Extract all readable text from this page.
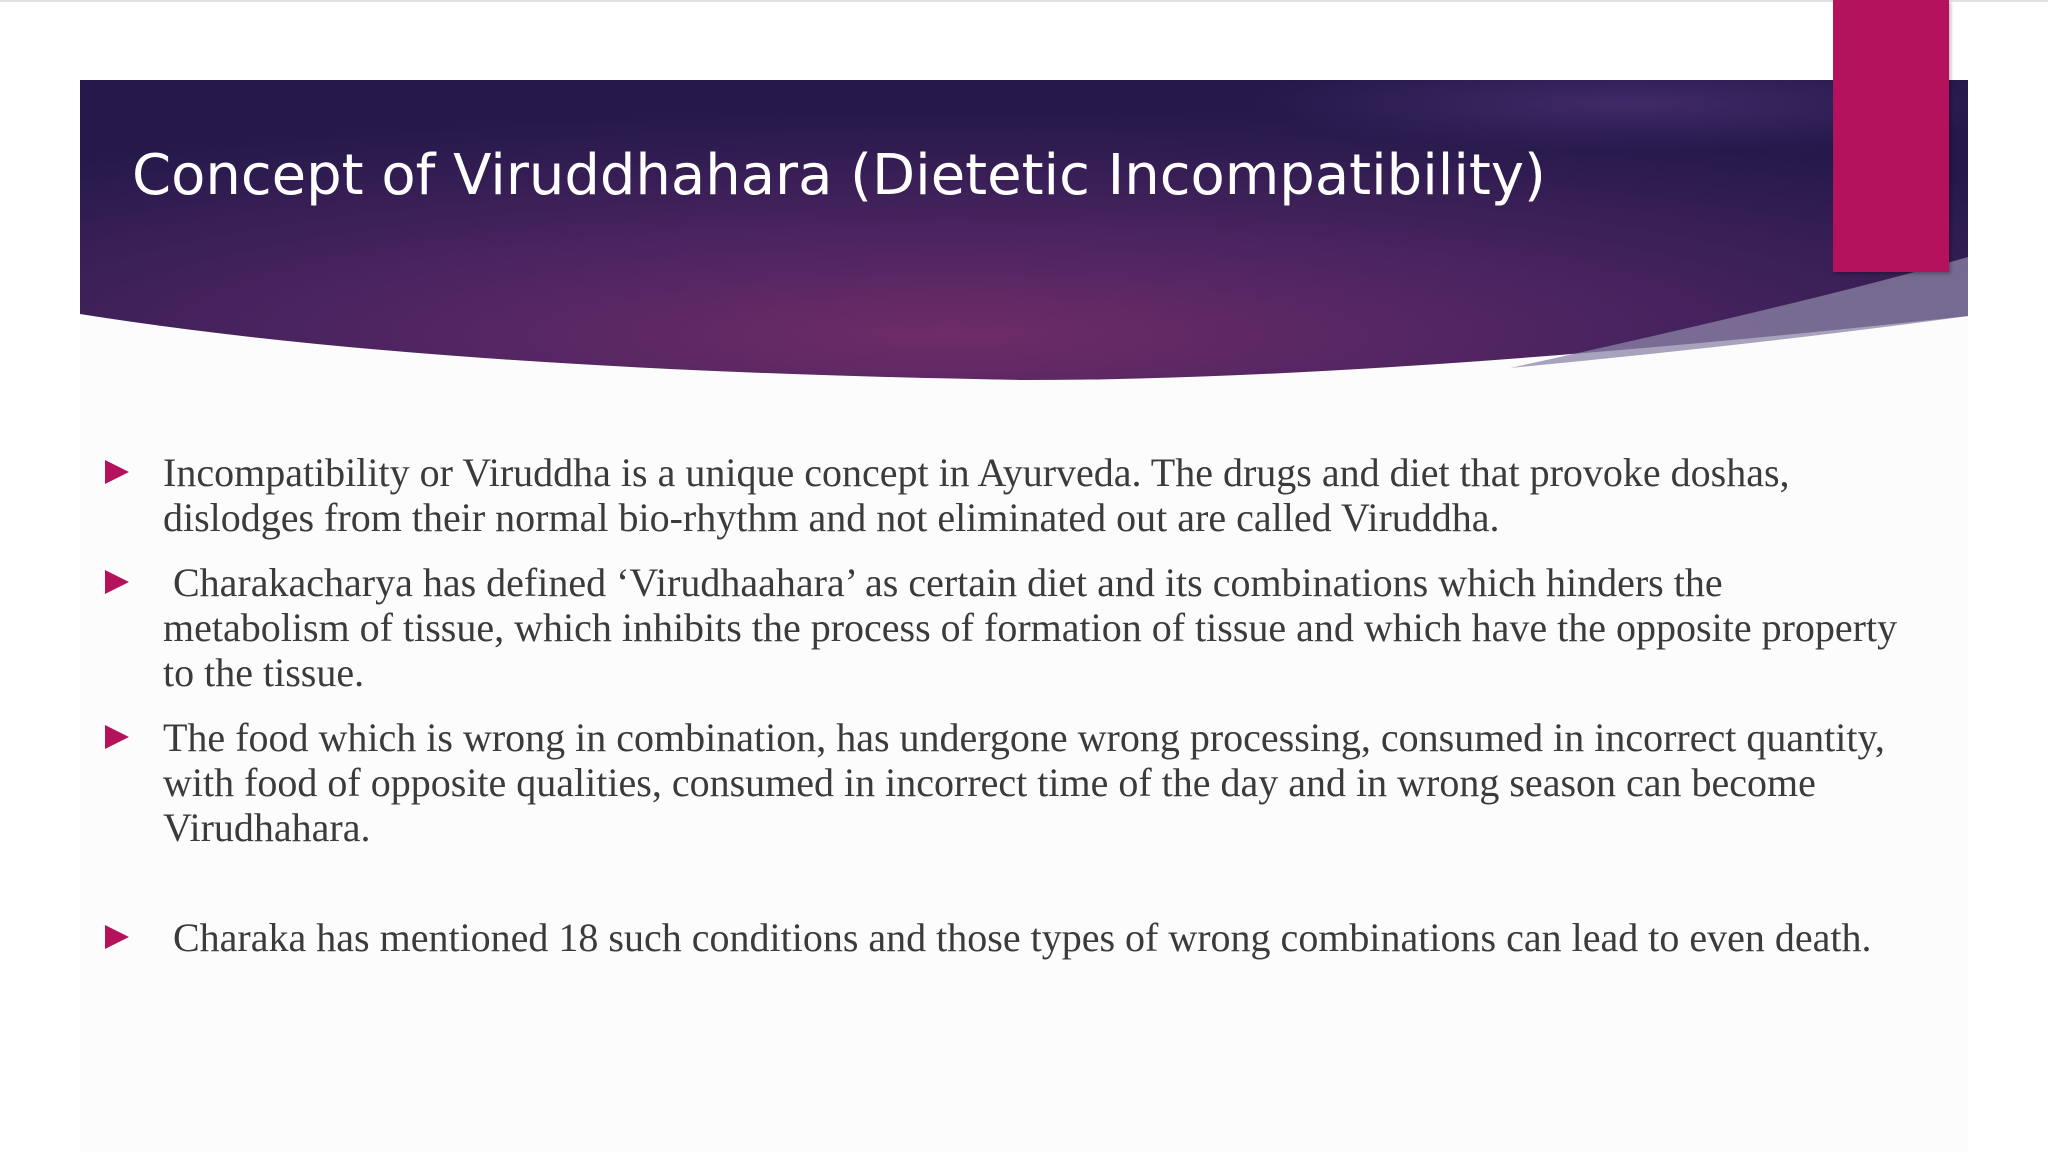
Concept of Viruddhahara (Dietetic Incompatibility)
Incompatibility or Viruddha is a unique concept in Ayurveda. The drugs and diet that provoke doshas, dislodges from their normal bio-rhythm and not eliminated out are called Viruddha.
Charakacharya has defined ‘Virudhaahara’ as certain diet and its combinations which hinders the metabolism of tissue, which inhibits the process of formation of tissue and which have the opposite property to the tissue.
The food which is wrong in combination, has undergone wrong processing, consumed in incorrect quantity, with food of opposite qualities, consumed in incorrect time of the day and in wrong season can become Virudhahara.
Charaka has mentioned 18 such conditions and those types of wrong combinations can lead to even death.
